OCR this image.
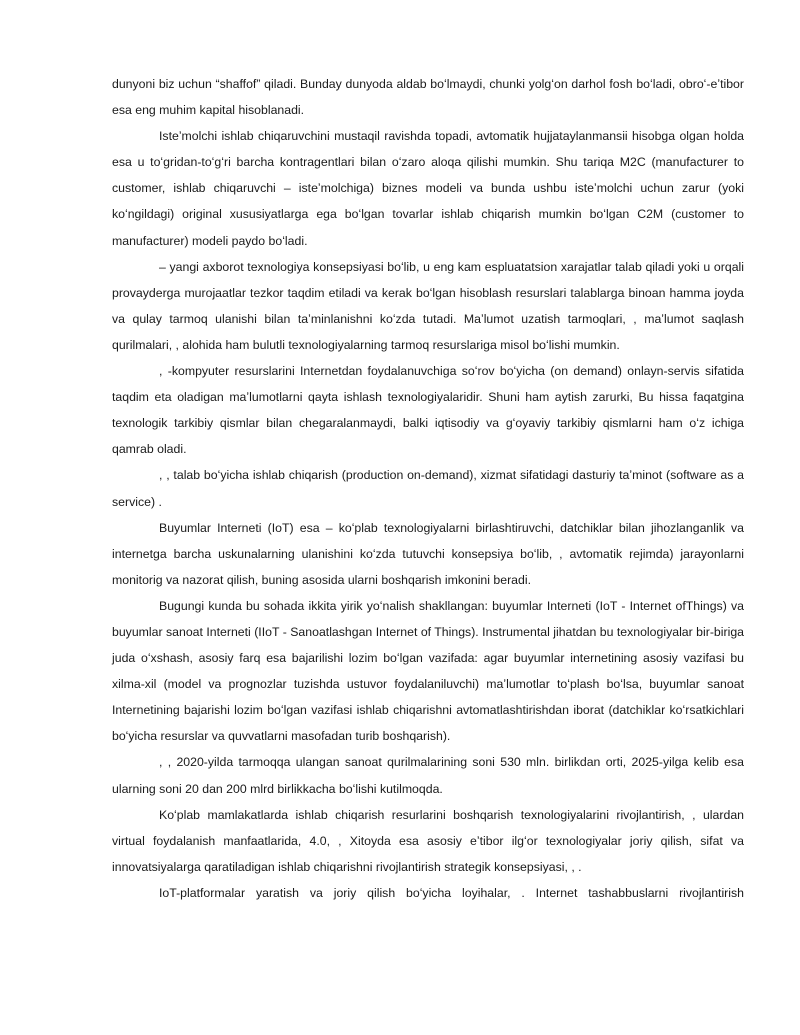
dunyoni biz uchun “shaffof” qiladi. Bunday dunyoda aldab boʻlmaydi, chunki yolgʻon darhol fosh boʻladi, obroʻ-eʼtibor esa eng muhim kapital hisoblanadi.

Isteʼmolchi ishlab chiqaruvchini mustaqil ravishda topadi, avtomatik hujjataylanmansii hisobga olgan holda esa u toʻgridan-toʻgʻri barcha kontragentlari bilan oʻzaro aloqa qilishi mumkin. Shu tariqa M2C (manufacturer to customer, ishlab chiqaruvchi – isteʼmolchiga) biznes modeli va bunda ushbu isteʼmolchi uchun zarur (yoki koʻngildagi) original xususiyatlarga ega boʻlgan tovarlar ishlab chiqarish mumkin boʻlgan C2M (customer to manufacturer) modeli paydo boʻladi.

– yangi axborot texnologiya konsepsiyasi boʻlib, u eng kam espluatatsion xarajatlar talab qiladi yoki u orqali provayderga murojaatlar tezkor taqdim etiladi va kerak boʻlgan hisoblash resurslari talablarga binoan hamma joyda va qulay tarmoq ulanishi bilan taʼminlanishni koʻzda tutadi. Maʼlumot uzatish tarmoqlari, , maʼlumot saqlash qurilmalari, , alohida ham bulutli texnologiyalarning tarmoq resurslariga misol boʻlishi mumkin.

, -kompyuter resurslarini Internetdan foydalanuvchiga soʻrov boʻyicha (on demand) onlayn-servis sifatida taqdim eta oladigan maʼlumotlarni qayta ishlash texnologiyalaridir. Shuni ham aytish zarurki, Bu hissa faqatgina texnologik tarkibiy qismlar bilan chegaralanmaydi, balki iqtisodiy va gʻoyaviy tarkibiy qismlarni ham oʻz ichiga qamrab oladi.

, , talab boʻyicha ishlab chiqarish (production on-demand), xizmat sifatidagi dasturiy taʼminot (software as a service) .

Buyumlar Interneti (IoT) esa – koʻplab texnologiyalarni birlashtiruvchi, datchiklar bilan jihozlanganlik va internetga barcha uskunalarning ulanishini koʻzda tutuvchi konsepsiya boʻlib, , avtomatik rejimda) jarayonlarni monitorig va nazorat qilish, buning asosida ularni boshqarish imkonini beradi.

Bugungi kunda bu sohada ikkita yirik yoʻnalish shakllangan: buyumlar Interneti (IoT - Internet ofThings) va buyumlar sanoat Interneti (IIoT - Sanoatlashgan Internet of Things). Instrumental jihatdan bu texnologiyalar bir-biriga juda oʻxshash, asosiy farq esa bajarilishi lozim boʻlgan vazifada: agar buyumlar internetining asosiy vazifasi bu xilma-xil (model va prognozlar tuzishda ustuvor foydalaniluvchi) maʼlumotlar toʻplash boʻlsa, buyumlar sanoat Internetining bajarishi lozim boʻlgan vazifasi ishlab chiqarishni avtomatlashtirishdan iborat (datchiklar koʻrsatkichlari boʻyicha resurslar va quvvatlarni masofadan turib boshqarish).

, , 2020-yilda tarmoqqa ulangan sanoat qurilmalarining soni 530 mln. birlikdan orti, 2025-yilga kelib esa ularning soni 20 dan 200 mlrd birlikkacha boʻlishi kutilmoqda.

Koʻplab mamlakatlarda ishlab chiqarish resurlarini boshqarish texnologiyalarini rivojlantirish, , ulardan virtual foydalanish manfaatlarida, 4.0, , Xitoyda esa asosiy eʼtibor ilgʻor texnologiyalar joriy qilish, sifat va innovatsiyalarga qaratiladigan ishlab chiqarishni rivojlantirish strategik konsepsiyasi, , .

IoT-platformalar yaratish va joriy qilish boʻyicha loyihalar, . Internet tashabbuslarni rivojlantirish
